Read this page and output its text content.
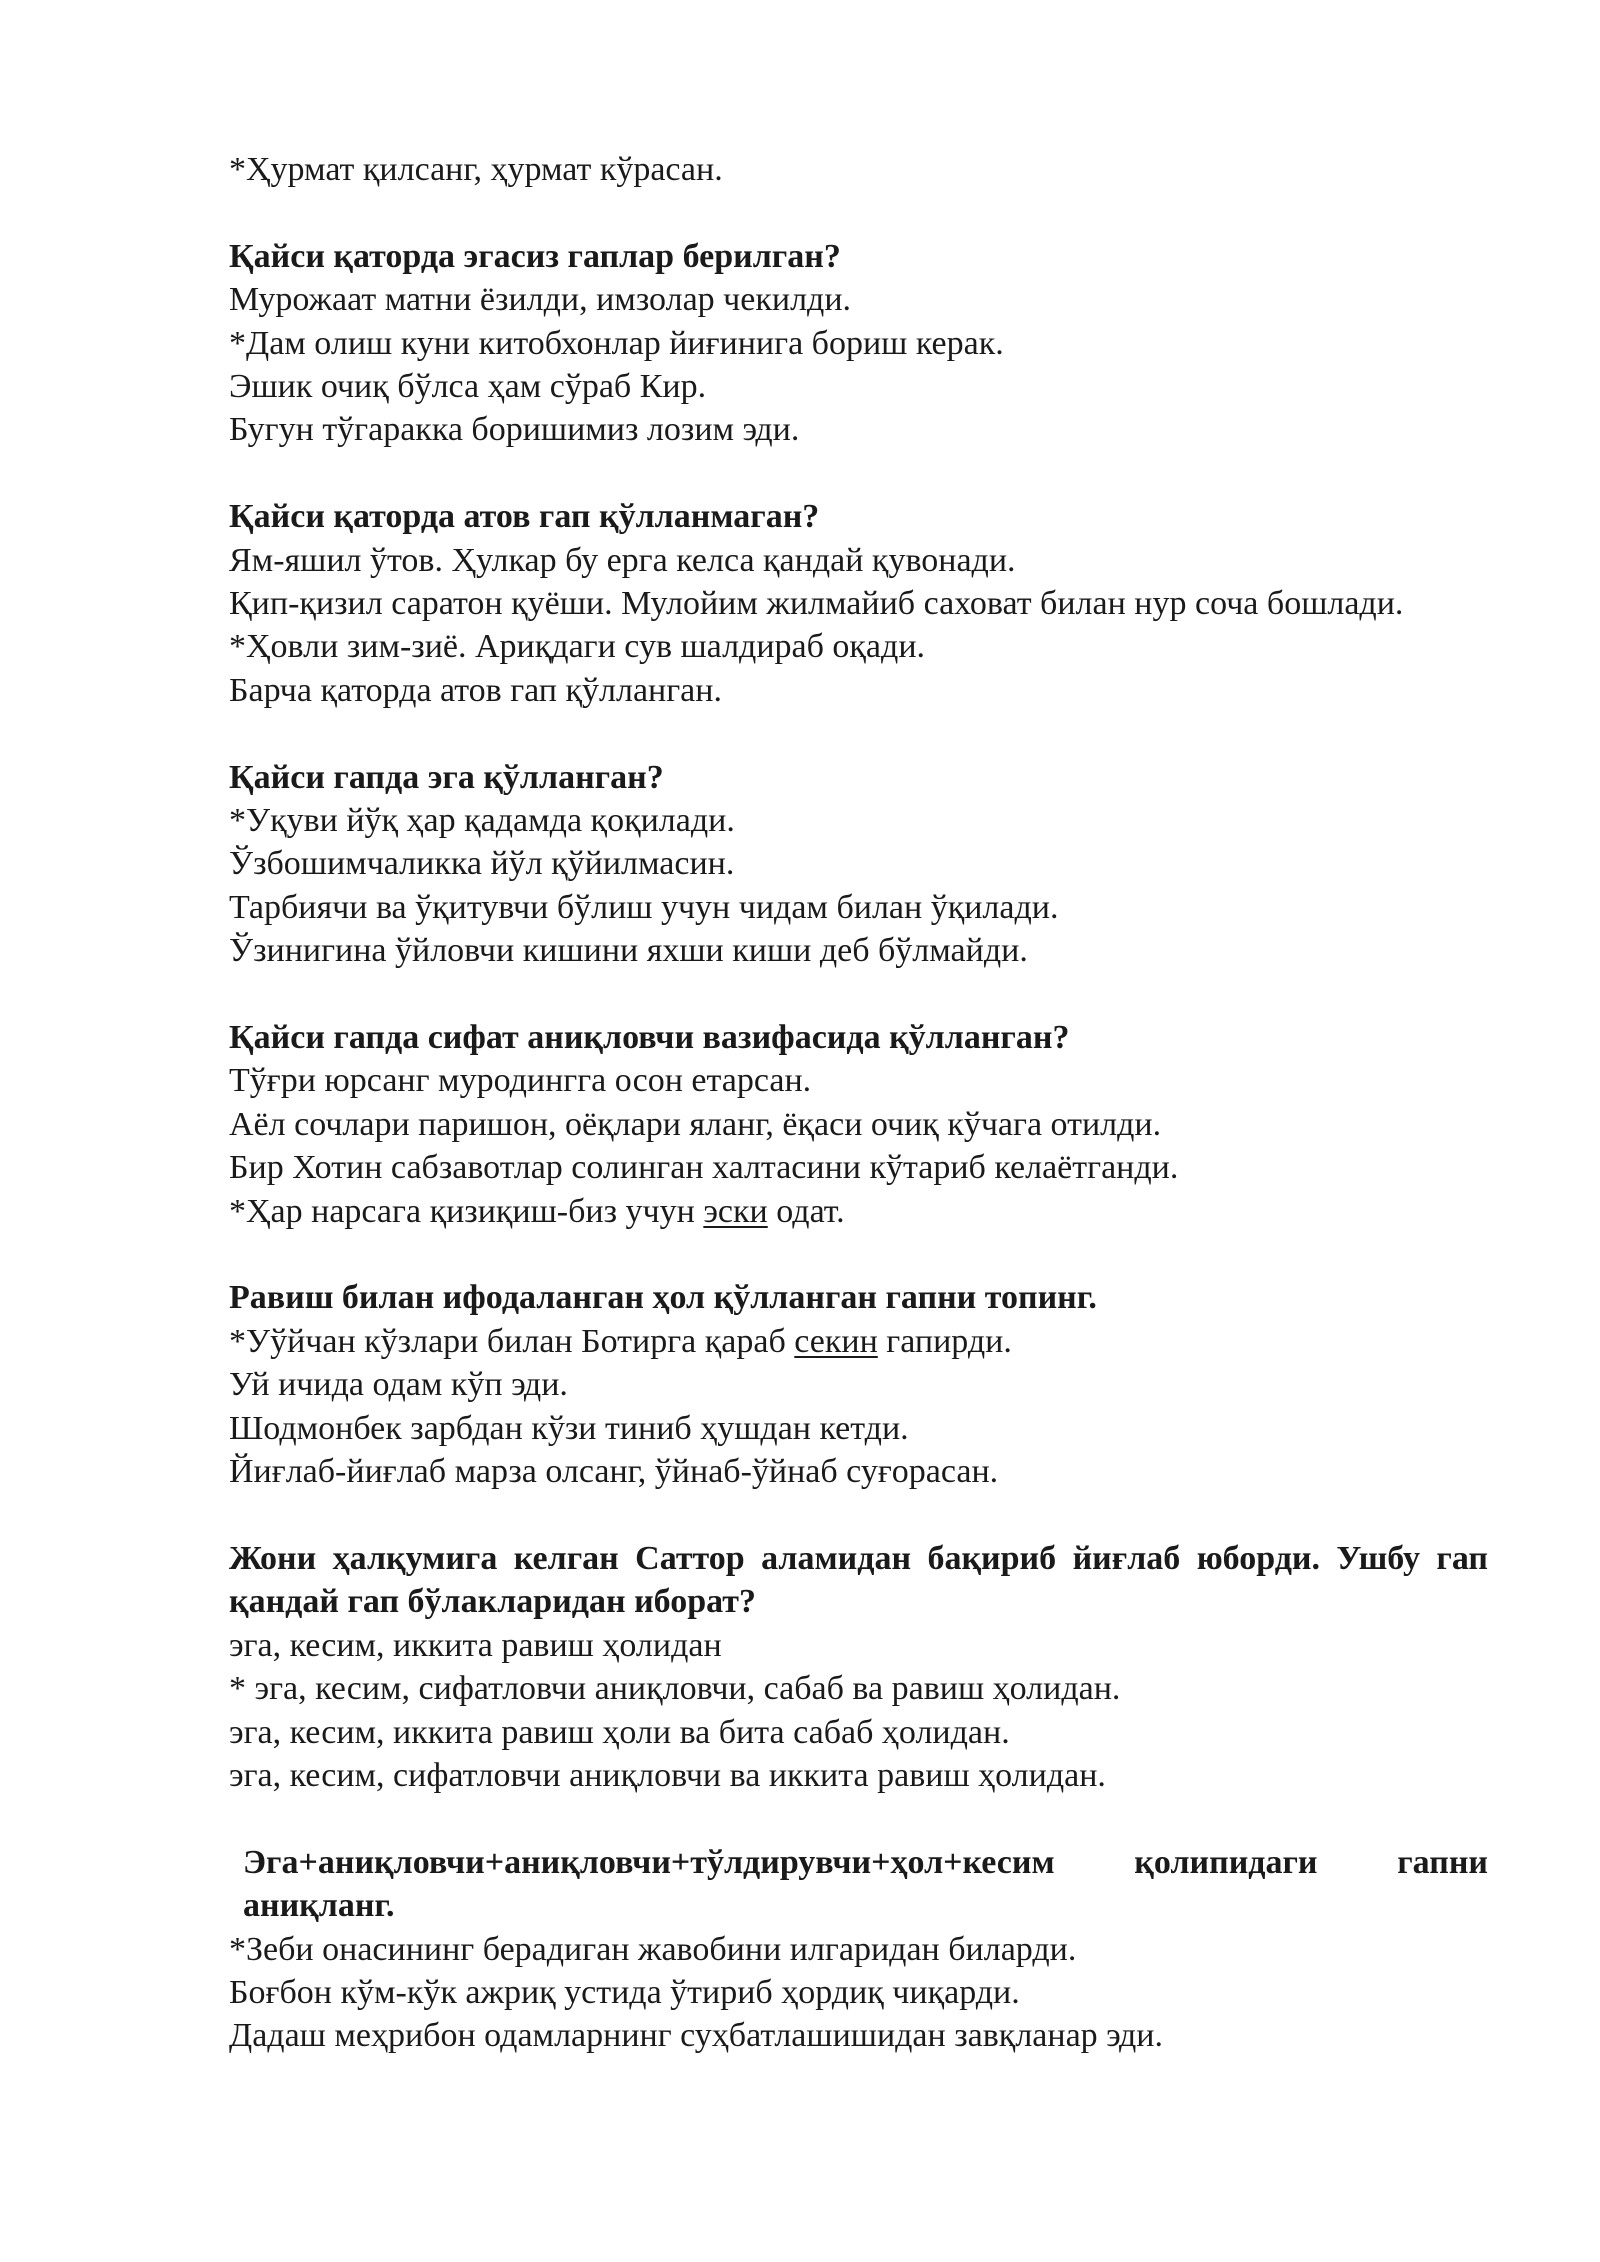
*Ҳурмат қилсанг, ҳурмат кўрасан.
Қайси қаторда эгасиз гаплар берилган?
Мурожаат матни ёзилди, имзолар чекилди.
*Дам олиш куни китобхонлар йиғинига бориш керак.
Эшик очиқ бўлса ҳам сўраб Кир.
Бугун тўгаракка боришимиз лозим эди.
Қайси қаторда атов гап қўлланмаган?
Ям-яшил ўтов. Ҳулкар бу ерга келса қандай қувонади.
Қип-қизил саратон қуёши. Мулойим жилмайиб саховат билан нур соча бошлади.
*Ҳовли зим-зиё. Ариқдаги сув шалдираб оқади.
Барча қаторда атов гап қўлланган.
Қайси гапда эга қўлланган?
*Уқуви йўқ ҳар қадамда қоқилади.
Ўзбошимчаликка йўл қўйилмасин.
Тарбиячи ва ўқитувчи бўлиш учун чидам билан ўқилади.
Ўзинигина ўйловчи кишини яхши киши деб бўлмайди.
Қайси гапда сифат аниқловчи вазифасида қўлланган?
Тўғри юрсанг муродингга осон етарсан.
Аёл сочлари паришон, оёқлари яланг, ёқаси очиқ кўчага отилди.
Бир Хотин сабзавотлар солинган халтасини кўтариб келаётганди.
*Ҳар нарсага қизиқиш-биз учун эски одат.
Равиш билан ифодаланган ҳол қўлланган гапни топинг.
*Уўйчан кўзлари билан Ботирга қараб секин гапирди.
Уй ичида одам кўп эди.
Шодмонбек зарбдан кўзи тиниб ҳушдан кетди.
Йиғлаб-йиғлаб марза олсанг, ўйнаб-ўйнаб суғорасан.
Жони ҳалқумига келган Саттор аламидан бақириб йиғлаб юборди. Ушбу гап қандай гап бўлакларидан иборат?
эга, кесим, иккита равиш ҳолидан
* эга, кесим, сифатловчи аниқловчи, сабаб ва равиш ҳолидан.
эга, кесим, иккита равиш ҳоли ва бита сабаб ҳолидан.
эга, кесим, сифатловчи аниқловчи ва иккита равиш ҳолидан.
Эга+аниқловчи+аниқловчи+тўлдирувчи+ҳол+кесим қолипидаги гапни аниқланг.
*Зеби онасининг берадиган жавобини илгаридан биларди.
Боғбон кўм-кўк ажриқ устида ўтириб ҳордиқ чиқарди.
Дадаш меҳрибон одамларнинг суҳбатлашишидан завқланар эди.
